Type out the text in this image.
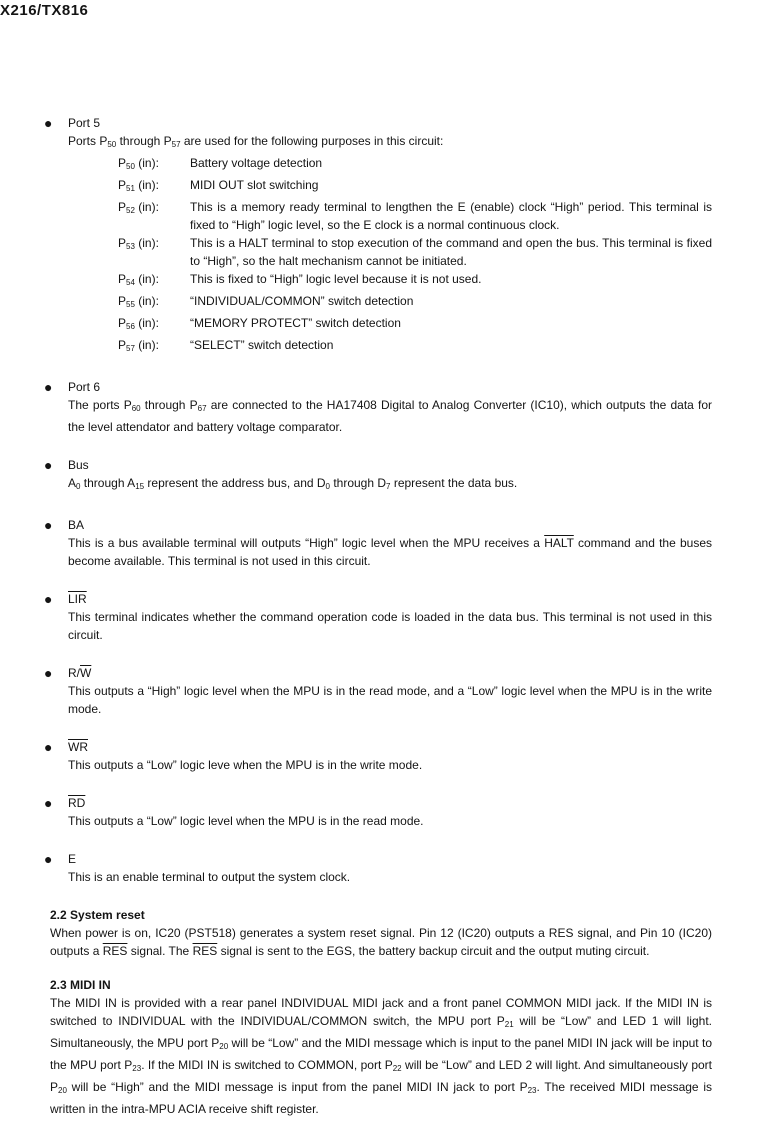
X216/TX816
● Port 5
Ports $P_{50}$ through $P_{57}$ are used for the following purposes in this circuit:
$P_{50}$ (in):	Battery voltage detection
$P_{51}$ (in):	MIDI OUT slot switching
$P_{52}$ (in):	This is a memory ready terminal to lengthen the E (enable) clock “High” period. This terminal is fixed to “High” logic level, so the E clock is a normal continuous clock.
$P_{53}$ (in):	This is a HALT terminal to stop execution of the command and open the bus. This terminal is fixed to “High”, so the halt mechanism cannot be initiated.
$P_{54}$ (in):	This is fixed to “High” logic level because it is not used.
$P_{55}$ (in):	“INDIVIDUAL/COMMON” switch detection
$P_{56}$ (in):	“MEMORY PROTECT” switch detection
$P_{57}$ (in):	“SELECT” switch detection
● Port 6
The ports $P_{60}$ through $P_{67}$ are connected to the HA17408 Digital to Analog Converter (IC10), which outputs the data for the level attendator and battery voltage comparator.
● Bus
$A_0$ through $A_{15}$ represent the address bus, and $D_0$ through $D_7$ represent the data bus.
● BA
This is a bus available terminal will outputs “High” logic level when the MPU receives a HALT command and the buses become available. This terminal is not used in this circuit.
● $\overline{LIR}$
This terminal indicates whether the command operation code is loaded in the data bus. This terminal is not used in this circuit.
● $R/\overline{W}$
This outputs a “High” logic level when the MPU is in the read mode, and a “Low” logic level when the MPU is in the write mode.
● $\overline{WR}$
This outputs a “Low” logic leve when the MPU is in the write mode.
● $\overline{RD}$
This outputs a “Low” logic level when the MPU is in the read mode.
● E
This is an enable terminal to output the system clock.
2.2 System reset
When power is on, IC20 (PST518) generates a system reset signal. Pin 12 (IC20) outputs a RES signal, and Pin 10 (IC20) outputs a $\overline{RES}$ signal. The $\overline{RES}$ signal is sent to the EGS, the battery backup circuit and the output muting circuit.
2.3 MIDI IN
The MIDI IN is provided with a rear panel INDIVIDUAL MIDI jack and a front panel COMMON MIDI jack. If the MIDI IN is switched to INDIVIDUAL with the INDIVIDUAL/COMMON switch, the MPU port $P_{21}$ will be “Low” and LED 1 will light. Simultaneously, the MPU port $P_{20}$ will be “Low” and the MIDI message which is input to the panel MIDI IN jack will be input to the MPU port $P_{23}$. If the MIDI IN is switched to COMMON, port $P_{22}$ will be “Low” and LED 2 will light. And simultaneously port $P_{20}$ will be “High” and the MIDI message is input from the panel MIDI IN jack to port $P_{23}$. The received MIDI message is written in the intra-MPU ACIA receive shift register.
